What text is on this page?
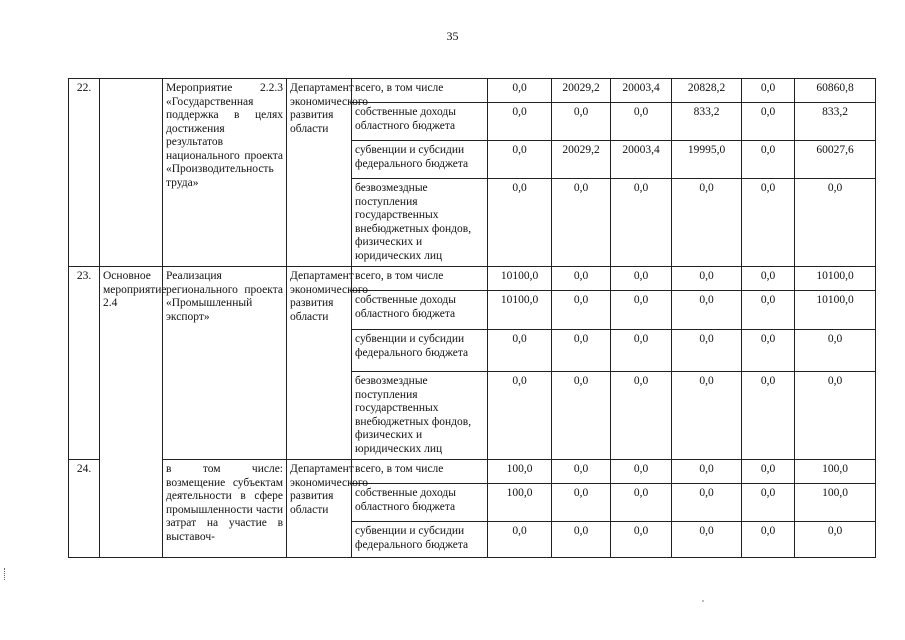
35
22.		Мероприятие 2.2.3 «Государственная поддержка в целях достижения результатов национального проекта «Производительность труда»	Департамент экономического развития области	всего, в том числе	0,0	20029,2	20003,4	20828,2	0,0	60860,8
				собственные доходы областного бюджета	0,0	0,0	0,0	833,2	0,0	833,2
				субвенции и субсидии федерального бюджета	0,0	20029,2	20003,4	19995,0	0,0	60027,6
				безвозмездные поступления государственных внебюджетных фондов, физических и юридических лиц	0,0	0,0	0,0	0,0	0,0	0,0
23.	Основное мероприятие 2.4	Реализация регионального проекта «Промышленный экспорт»	Департамент экономического развития области	всего, в том числе	10100,0	0,0	0,0	0,0	0,0	10100,0
				собственные доходы областного бюджета	10100,0	0,0	0,0	0,0	0,0	10100,0
				субвенции и субсидии федерального бюджета	0,0	0,0	0,0	0,0	0,0	0,0
				безвозмездные поступления государственных внебюджетных фондов, физических и юридических лиц	0,0	0,0	0,0	0,0	0,0	0,0
24.		в том числе: возмещение субъектам деятельности в сфере промышленности части затрат на участие в выставоч-	Департамент экономического развития области	всего, в том числе	100,0	0,0	0,0	0,0	0,0	100,0
				собственные доходы областного бюджета	100,0	0,0	0,0	0,0	0,0	100,0
				субвенции и субсидии федерального бюджета	0,0	0,0	0,0	0,0	0,0	0,0
